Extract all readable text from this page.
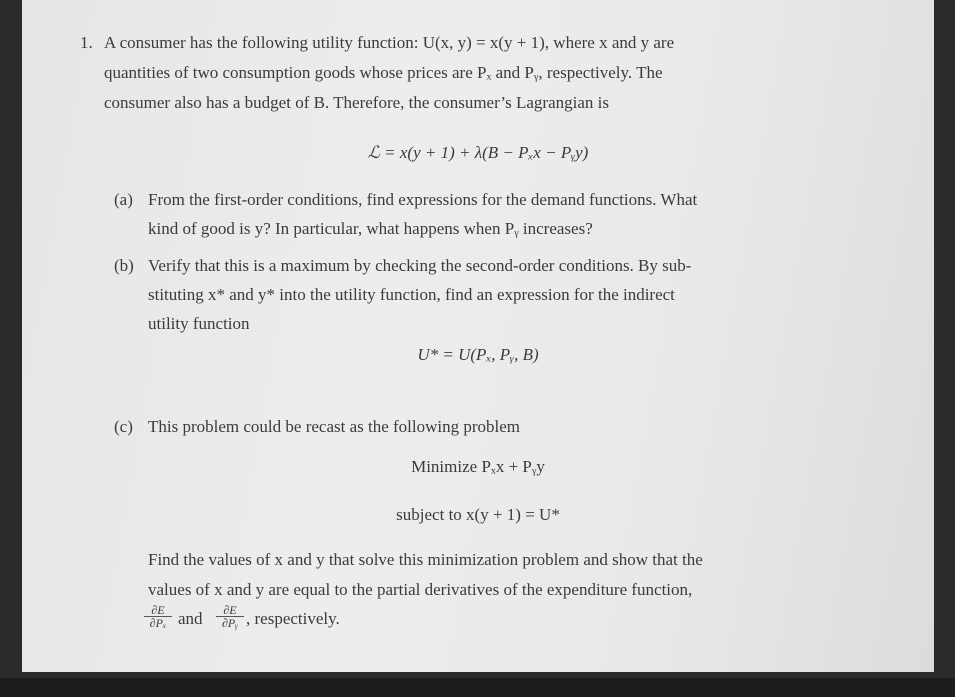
1. A consumer has the following utility function: U(x, y) = x(y + 1), where x and y are
quantities of two consumption goods whose prices are Pₓ and Pᵧ, respectively. The
consumer also has a budget of B. Therefore, the consumer’s Lagrangian is
ℒ = x(y + 1) + λ(B − Pₓx − Pᵧy)
(a) From the first-order conditions, find expressions for the demand functions. What
kind of good is y? In particular, what happens when Pᵧ increases?
(b) Verify that this is a maximum by checking the second-order conditions. By sub-
stituting x* and y* into the utility function, find an expression for the indirect
utility function
U* = U(Pₓ, Pᵧ, B)
(c) This problem could be recast as the following problem
Minimize Pₓx + Pᵧy
subject to x(y + 1) = U*
Find the values of x and y that solve this minimization problem and show that the
values of x and y are equal to the partial derivatives of the expenditure function,
$\frac{\partial E}{\text{∂Pₓ}}$ and $\frac{\partial E}{\text{∂Pᵧ}}$ , respectively.
